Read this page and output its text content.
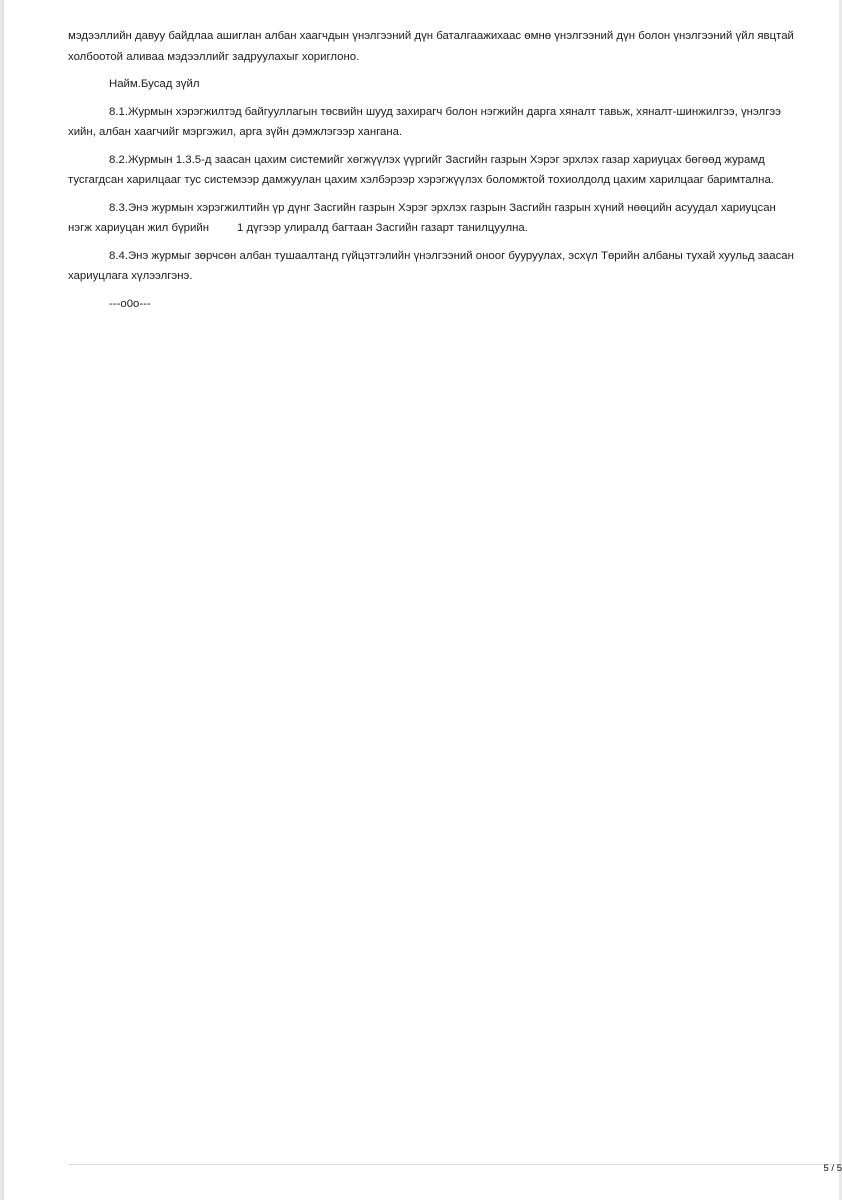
мэдээллийн давуу байдлаа ашиглан албан хаагчдын үнэлгээний дүн баталгаажихаас өмнө үнэлгээний дүн болон үнэлгээний үйл явцтай холбоотой аливаа мэдээллийг задруулахыг хориглоно.

Найм.Бусад зүйл

8.1.Журмын хэрэгжилтэд байгууллагын төсвийн шууд захирагч болон нэгжийн дарга хяналт тавьж, хяналт-шинжилгээ, үнэлгээ хийн, албан хаагчийг мэргэжил, арга зүйн дэмжлэгээр хангана.

8.2.Журмын 1.3.5-д заасан цахим системийг хөгжүүлэх үүргийг Засгийн газрын Хэрэг эрхлэх газар хариуцах бөгөөд журамд тусгагдсан харилцааг тус системээр дамжуулан цахим хэлбэрээр хэрэгжүүлэх боломжтой тохиолдолд цахим харилцааг баримтална.

8.3.Энэ журмын хэрэгжилтийн үр дүнг Засгийн газрын Хэрэг эрхлэх газрын Засгийн газрын хүний нөөцийн асуудал хариуцсан нэгж хариуцан жил бүрийн 1 дүгээр улиралд багтаан Засгийн газарт танилцуулна.

8.4.Энэ журмыг зөрчсөн албан тушаалтанд гүйцэтгэлийн үнэлгээний оноог бууруулах, эсхүл Төрийн албаны тухай хуульд заасан хариуцлага хүлээлгэнэ.

---o0o---

5 / 5
